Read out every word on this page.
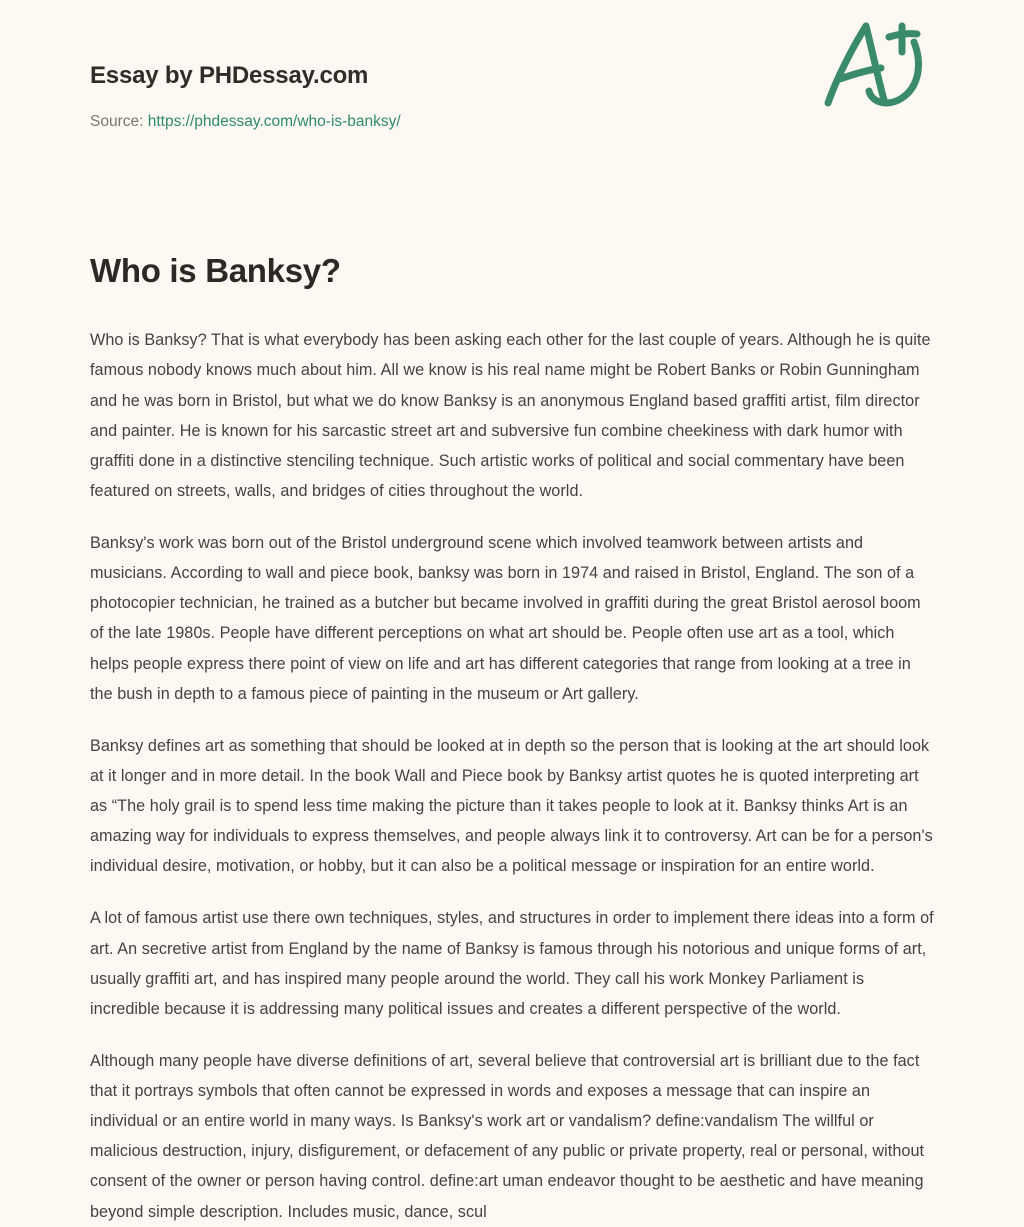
Essay by PHDessay.com
Source: https://phdessay.com/who-is-banksy/
Who is Banksy?

Who is Banksy? That is what everybody has been asking each other for the last couple of years. Although he is quite famous nobody knows much about him. All we know is his real name might be Robert Banks or Robin Gunningham and he was born in Bristol, but what we do know Banksy is an anonymous England based graffiti artist, film director and painter. He is known for his sarcastic street art and subversive fun combine cheekiness with dark humor with graffiti done in a distinctive stenciling technique. Such artistic works of political and social commentary have been featured on streets, walls, and bridges of cities throughout the world.

Banksy's work was born out of the Bristol underground scene which involved teamwork between artists and musicians. According to wall and piece book, banksy was born in 1974 and raised in Bristol, England. The son of a photocopier technician, he trained as a butcher but became involved in graffiti during the great Bristol aerosol boom of the late 1980s. People have different perceptions on what art should be. People often use art as a tool, which helps people express there point of view on life and art has different categories that range from looking at a tree in the bush in depth to a famous piece of painting in the museum or Art gallery.

Banksy defines art as something that should be looked at in depth so the person that is looking at the art should look at it longer and in more detail. In the book Wall and Piece book by Banksy artist quotes he is quoted interpreting art as “The holy grail is to spend less time making the picture than it takes people to look at it. Banksy thinks Art is an amazing way for individuals to express themselves, and people always link it to controversy. Art can be for a person's individual desire, motivation, or hobby, but it can also be a political message or inspiration for an entire world.

A lot of famous artist use there own techniques, styles, and structures in order to implement there ideas into a form of art. An secretive artist from England by the name of Banksy is famous through his notorious and unique forms of art, usually graffiti art, and has inspired many people around the world. They call his work Monkey Parliament is incredible because it is addressing many political issues and creates a different perspective of the world.

Although many people have diverse definitions of art, several believe that controversial art is brilliant due to the fact that it portrays symbols that often cannot be expressed in words and exposes a message that can inspire an individual or an entire world in many ways. Is Banksy's work art or vandalism? define:vandalism The willful or malicious destruction, injury, disfigurement, or defacement of any public or private property, real or personal, without consent of the owner or person having control. define:art uman endeavor thought to be aesthetic and have meaning beyond simple description. Includes music, dance, scul
